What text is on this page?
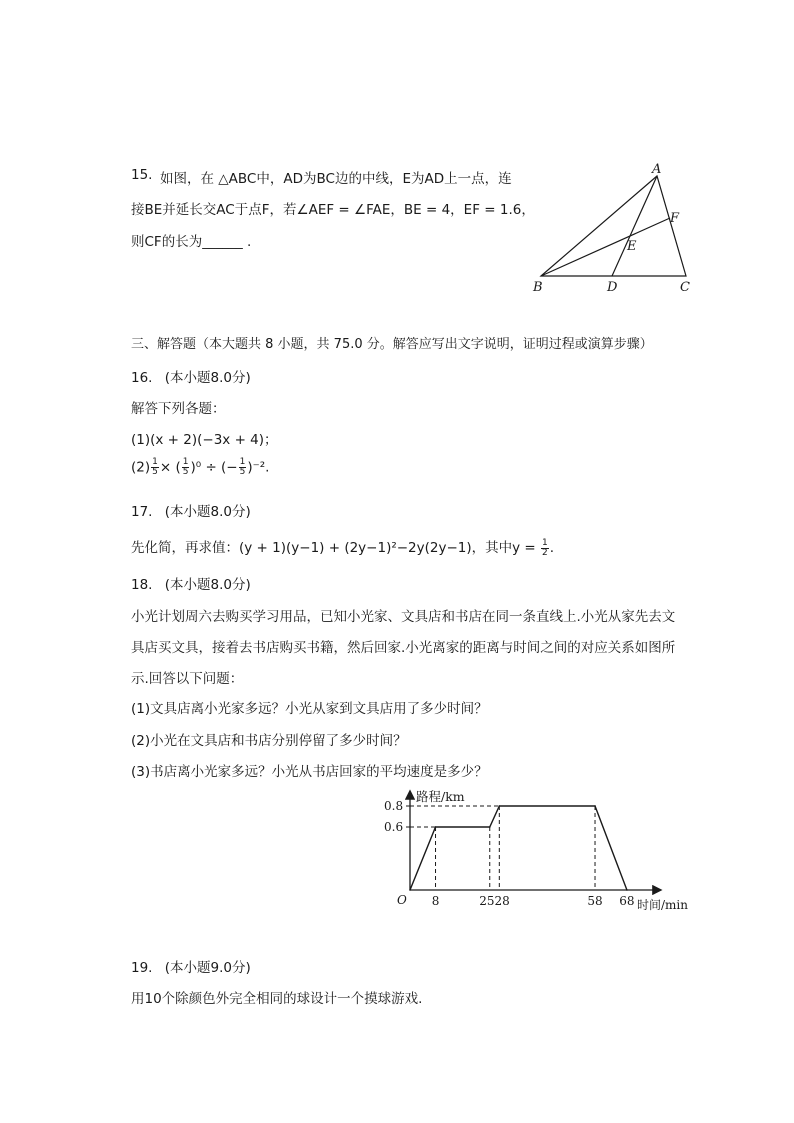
15. 如图，在 △ABC中，AD为BC边的中线，E为AD上一点，连
接BE并延长交AC于点F，若∠AEF = ∠FAE，BE = 4，EF = 1.6，
则CF的长为______ .
A
B	C
D
E
F
三、解答题（本大题共 8 小题，共 75.0 分。解答应写出文字说明，证明过程或演算步骤）
16. (本小题8.0分)
解答下列各题：
(1)(x + 2)(−3x + 4)；
$(2) \frac{1}{5}$ × ( $\frac{1}{5} )^0$ ÷ (− $\frac{1}{5} )^{-2}$.
17. (本小题8.0分)
先化简，再求值：(y + 1)(y−1) + (2y−1)²−2y(2y−1)，其中$y = \frac{1}{2}$ .
18. (本小题8.0分)
小光计划周六去购买学习用品，已知小光家、文具店和书店在同一条直线上.小光从家先去文
具店买文具，接着去书店购买书籍，然后回家.小光离家的距离与时间之间的对应关系如图所
示.回答以下问题：
(1)文具店离小光家多远？小光从家到文具店用了多少时间？
(2)小光在文具店和书店分别停留了多少时间？
(3)书店离小光家多远？小光从书店回家的平均速度是多少？
路程/km
时间/min
O
0.6
0.8
8	2528	58 68
19. (本小题9.0分)
用10个除颜色外完全相同的球设计一个摸球游戏.
